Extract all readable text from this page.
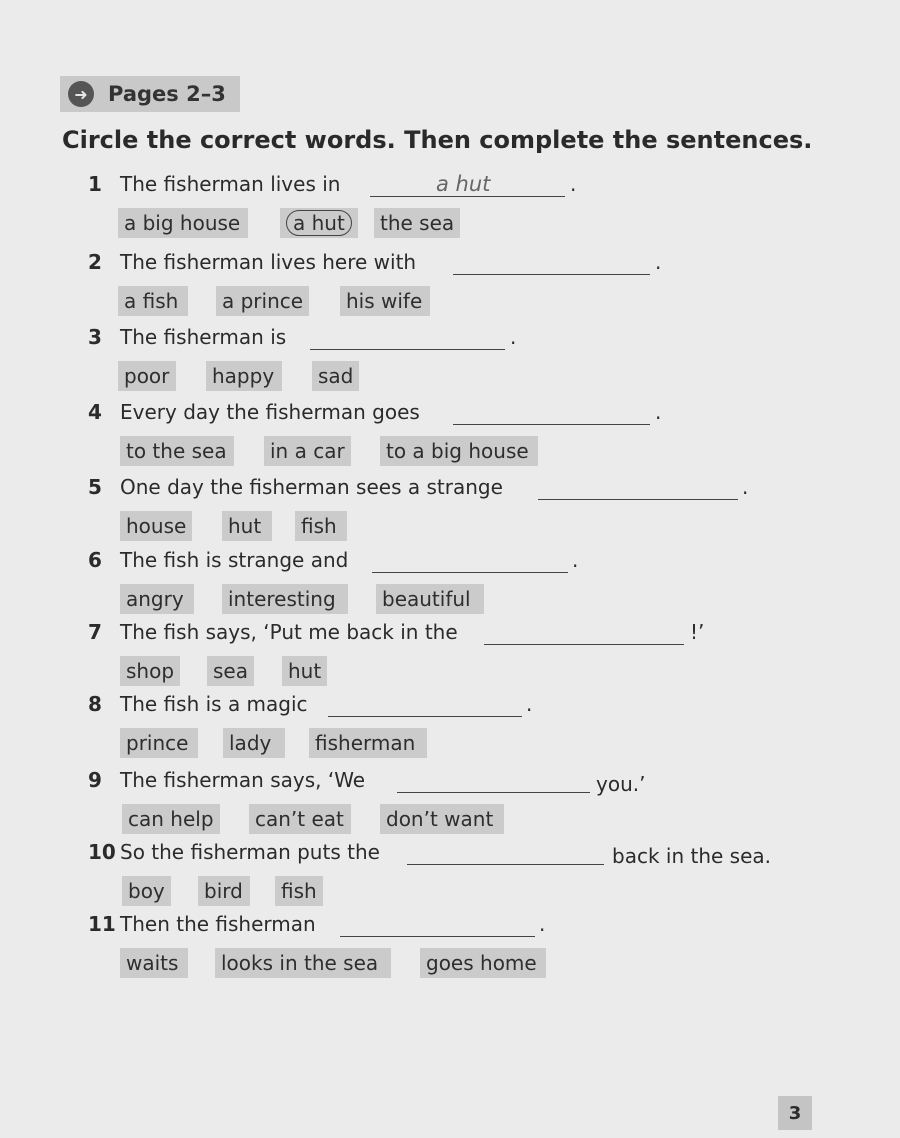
➜ Pages 2–3
Circle the correct words. Then complete the sentences.
1 The fisherman lives in	a hut	.
a big house	a hut	the sea
2 The fisherman lives here with	.
a fish	a prince	his wife
3 The fisherman is	.
poor	happy	sad
4 Every day the fisherman goes	.
to the sea	in a car	to a big house
5 One day the fisherman sees a strange	.
house	hut	fish
6 The fish is strange and	.
angry	interesting	beautiful
7 The fish says, ‘Put me back in the	!’
shop	sea	hut
8 The fish is a magic	.
prince	lady	fisherman
9 The fisherman says, ‘We	you.’
can help	can’t eat	don’t want
10 So the fisherman puts the	back in the sea.
boy	bird	fish
11 Then the fisherman	.
waits	looks in the sea	goes home
3
